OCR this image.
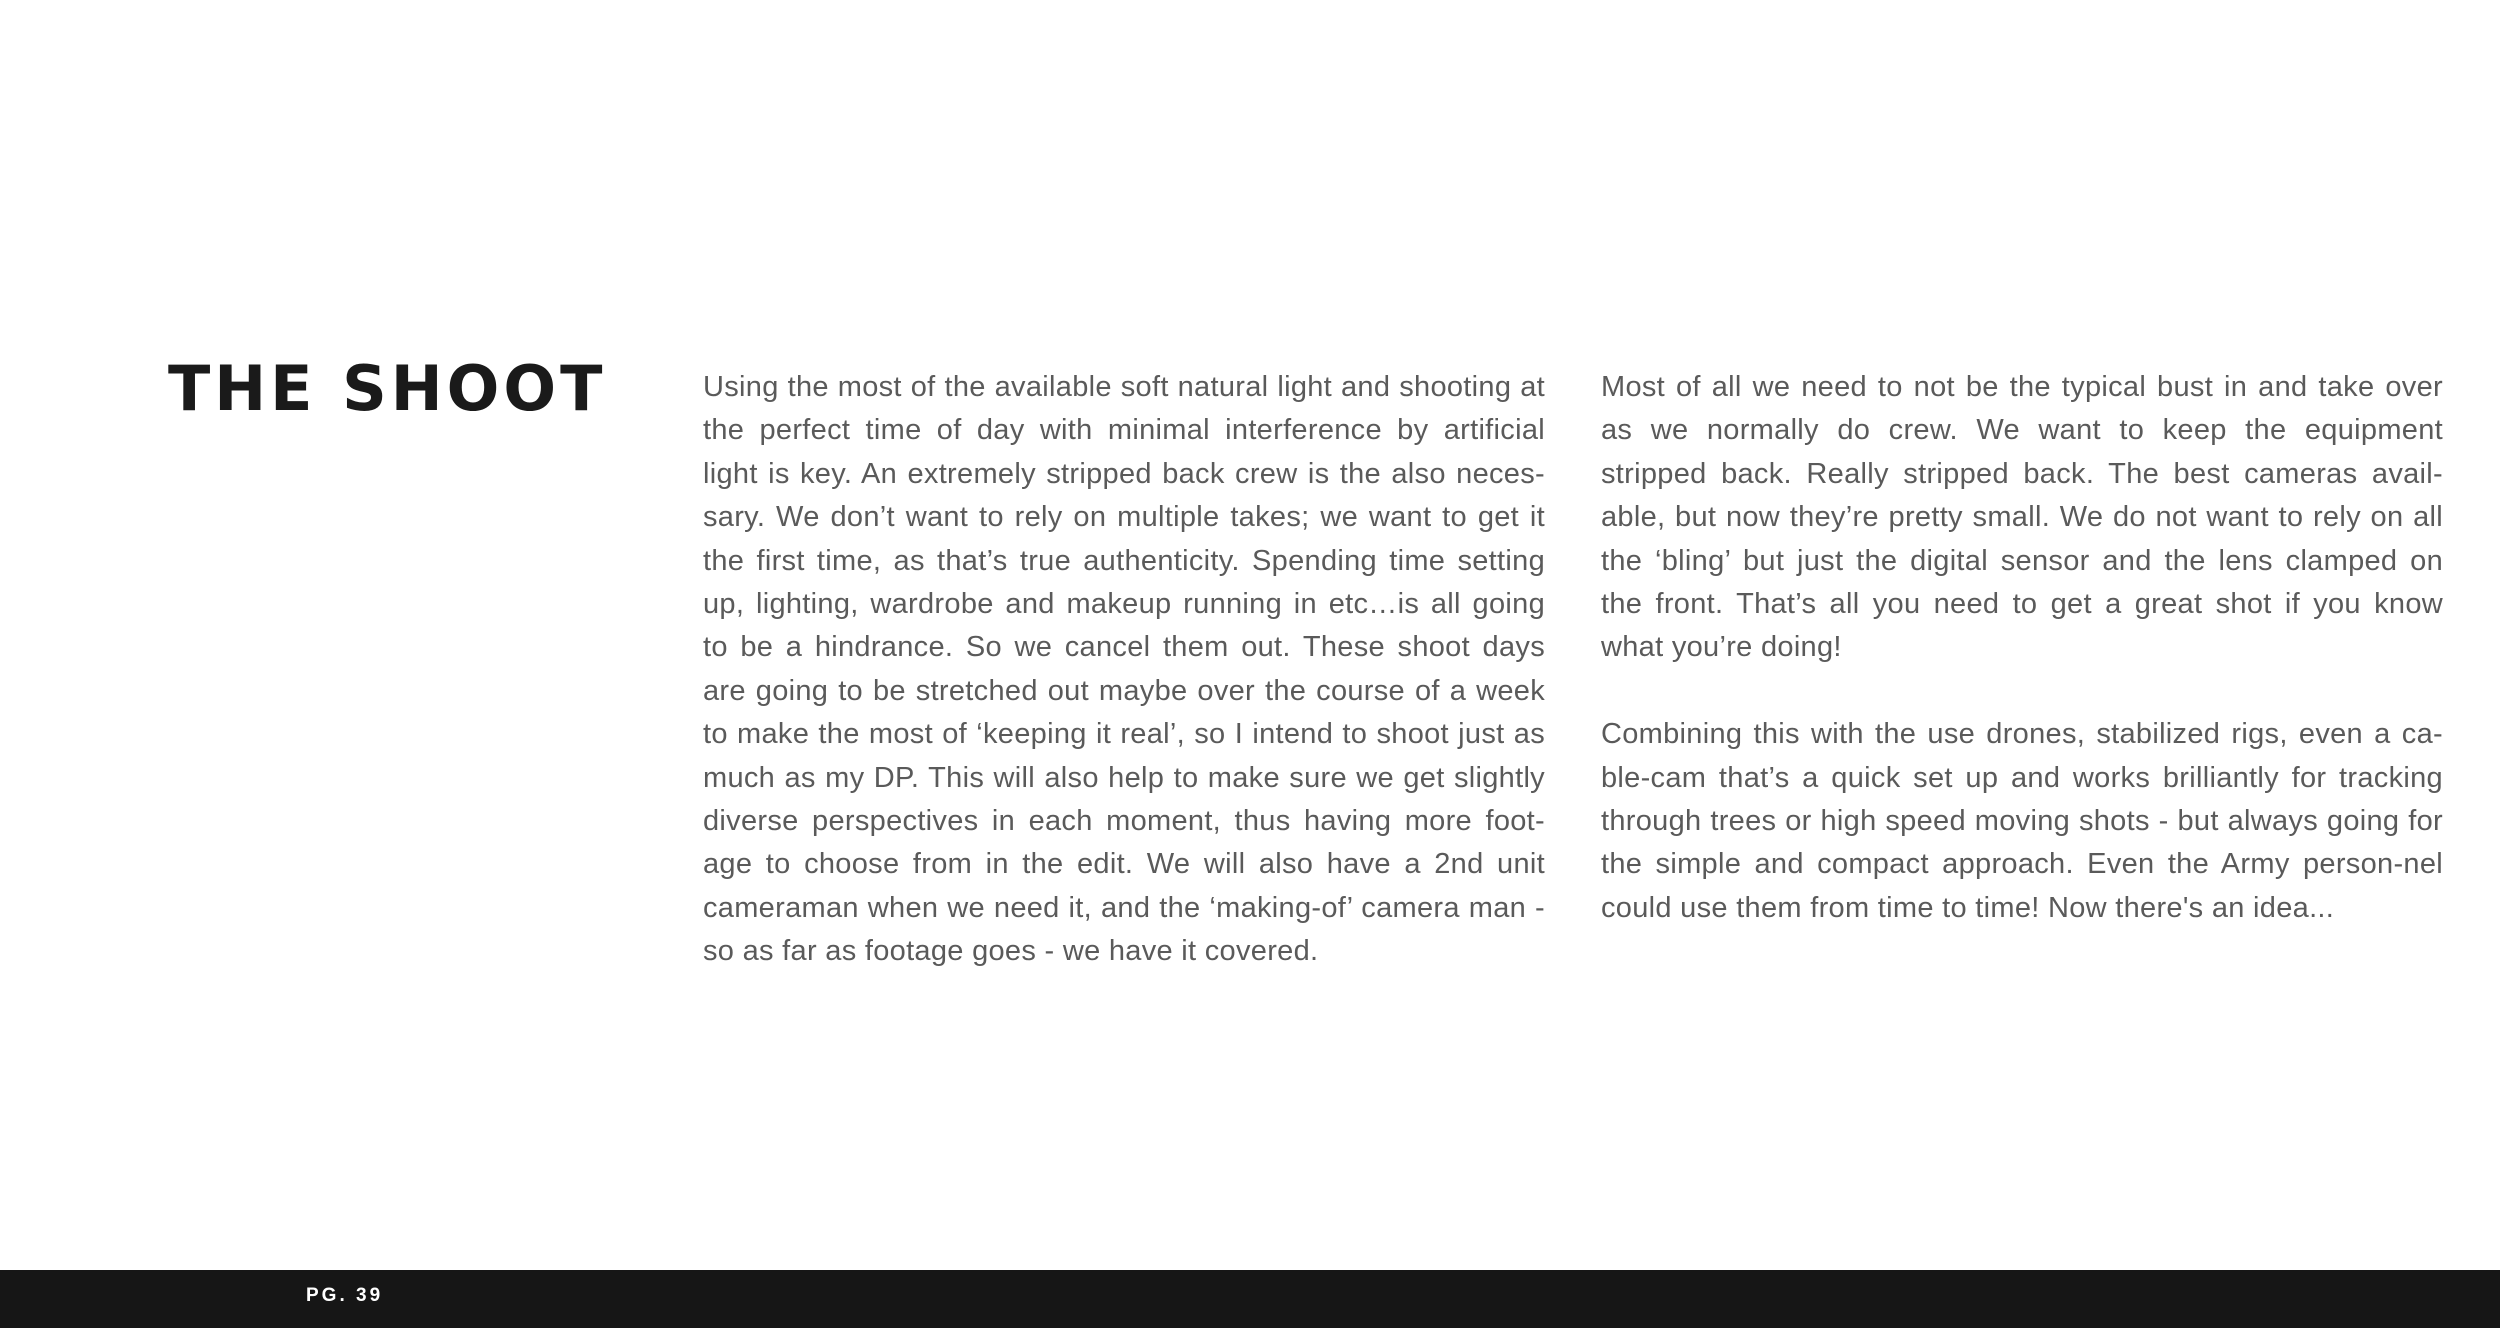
THE SHOOT	Using the most of the available soft natural light and shooting at the perfect time of day with minimal interference by artificial light is key. An extremely stripped back crew is the also neces-sary. We don’t want to rely on multiple takes; we want to get it the first time, as that’s true authenticity. Spending time setting up, lighting, wardrobe and makeup running in etc…is all going to be a hindrance. So we cancel them out. These shoot days are going to be stretched out maybe over the course of a week to make the most of ‘keeping it real’, so I intend to shoot just as much as my DP. This will also help to make sure we get slightly diverse perspectives in each moment, thus having more foot-age to choose from in the edit. We will also have a 2nd unit cameraman when we need it, and the ‘making-of’ camera man - so as far as footage goes - we have it covered.

Most of all we need to not be the typical bust in and take over as we normally do crew. We want to keep the equipment stripped back. Really stripped back. The best cameras avail-able, but now they’re pretty small. We do not want to rely on all the ‘bling’ but just the digital sensor and the lens clamped on the front. That’s all you need to get a great shot if you know what you’re doing!

Combining this with the use drones, stabilized rigs, even a ca-ble-cam that’s a quick set up and works brilliantly for tracking through trees or high speed moving shots - but always going for the simple and compact approach. Even the Army person-nel could use them from time to time! Now there's an idea...

PG. 39
